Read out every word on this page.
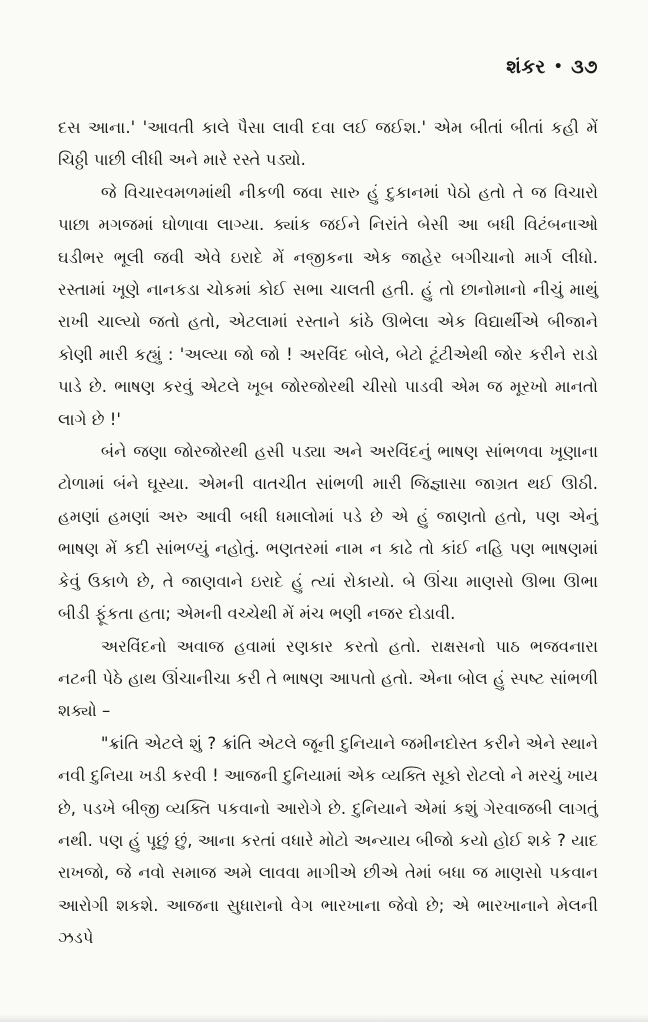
શંકર • ૩૭

દસ આના.' 'આવતી કાલે પૈસા લાવી દવા લઈ જઈશ.' એમ બીતાં બીતાં કહી મેં ચિઠ્ઠી પાછી લીધી અને મારે રસ્તે પડ્યો.

જે વિચારવમળમાંથી નીકળી જવા સારુ હું દુકાનમાં પેઠો હતો તે જ વિચારો પાછા મગજમાં ઘોળાવા લાગ્યા. ક્યાંક જઈને નિરાંતે બેસી આ બધી વિટંબનાઓ ઘડીભર ભૂલી જવી એવે ઇરાદે મેં નજીકના એક જાહેર બગીચાનો માર્ગ લીધો. રસ્તામાં ખૂણે નાનકડા ચોકમાં કોઈ સભા ચાલતી હતી. હું તો છાનોમાનો નીચું માથું રાખી ચાલ્યો જતો હતો, એટલામાં રસ્તાને કાંઠે ઊભેલા એક વિદ્યાર્થીએ બીજાને કોણી મારી કહ્યું : 'અલ્યા જો જો ! અરવિંદ બોલે, બેટો ટૂંટીએથી જોર કરીને રાડો પાડે છે. ભાષણ કરવું એટલે ખૂબ જોરજોરથી ચીસો પાડવી એમ જ મૂરખો માનતો લાગે છે !'

બંને જણા જોરજોરથી હસી પડ્યા અને અરવિંદનું ભાષણ સાંભળવા ખૂણાના ટોળામાં બંને ઘૂસ્યા. એમની વાતચીત સાંભળી મારી જિજ્ઞાસા જાગ્રત થઈ ઊઠી. હમણાં હમણાં અરુ આવી બધી ધમાલોમાં પડે છે એ હું જાણતો હતો, પણ એનું ભાષણ મેં કદી સાંભળ્યું નહોતું. ભણતરમાં નામ ન કાઢે તો કાંઈ નહિ પણ ભાષણમાં કેવું ઉકાળે છે, તે જાણવાને ઇરાદે હું ત્યાં રોકાયો. બે ઊંચા માણસો ઊભા ઊભા બીડી ફૂંકતા હતા; એમની વચ્ચેથી મેં મંચ ભણી નજર દોડાવી.

અરવિંદનો અવાજ હવામાં રણકાર કરતો હતો. રાક્ષસનો પાઠ ભજવનારા નટની પેઠે હાથ ઊંચાનીચા કરી તે ભાષણ આપતો હતો. એના બોલ હું સ્પષ્ટ સાંભળી શક્યો –

"ક્રાંતિ એટલે શું ? ક્રાંતિ એટલે જૂની દુનિયાને જમીનદોસ્ત કરીને એને સ્થાને નવી દુનિયા ખડી કરવી ! આજની દુનિયામાં એક વ્યક્તિ સૂકો રોટલો ને મરચું ખાય છે, પડખે બીજી વ્યક્તિ પકવાનો આરોગે છે. દુનિયાને એમાં કશું ગેરવાજબી લાગતું નથી. પણ હું પૂછું છું, આના કરતાં વધારે મોટો અન્યાય બીજો કયો હોઈ શકે ? યાદ રાખજો, જે નવો સમાજ અમે લાવવા માગીએ છીએ તેમાં બધા જ માણસો પકવાન આરોગી શકશે. આજના સુધારાનો વેગ ભારખાના જેવો છે; એ ભારખાનાને મેલની ઝડપે
